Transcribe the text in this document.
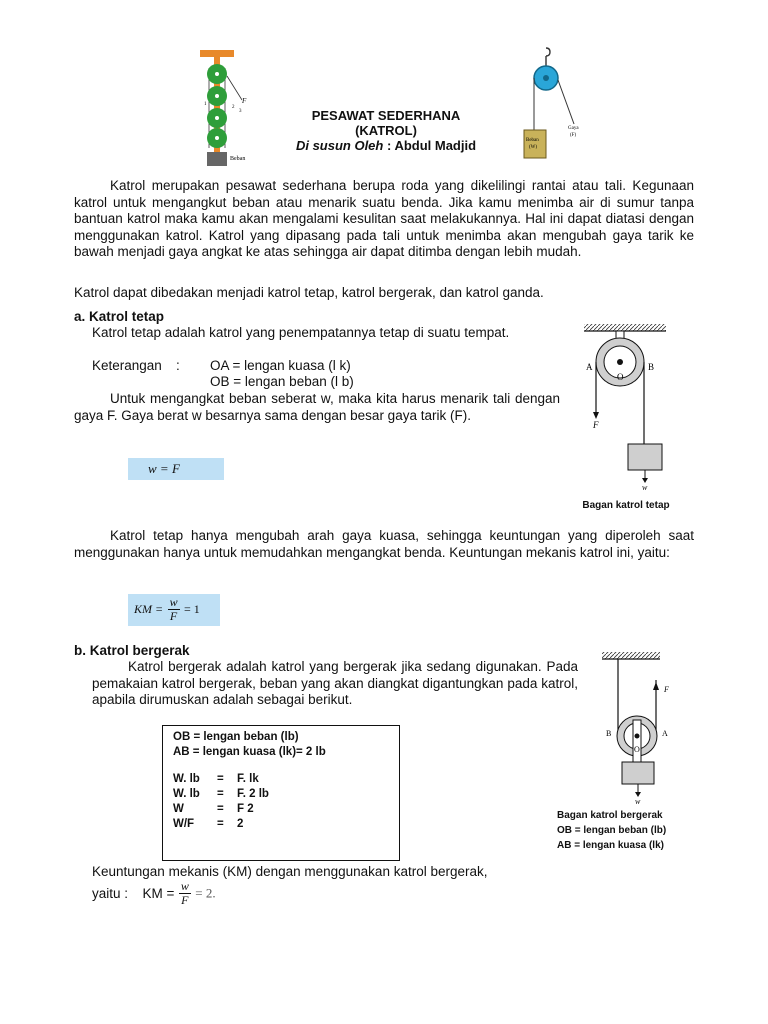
F
1
2
3
Beban
PESAWAT SEDERHANA
(KATROL)
Di susun Oleh : Abdul Madjid	Beban
(W)
Gaya
(F)
Katrol merupakan pesawat sederhana berupa roda yang dikelilingi rantai atau tali. Kegunaan katrol untuk mengangkut beban atau menarik suatu benda. Jika kamu menimba air di sumur tanpa bantuan katrol maka kamu akan mengalami kesulitan saat melakukannya. Hal ini dapat diatasi dengan menggunakan katrol. Katrol yang dipasang pada tali untuk menimba akan mengubah gaya tarik ke bawah menjadi gaya angkat ke atas sehingga air dapat ditimba dengan lebih mudah.
Katrol dapat dibedakan menjadi katrol tetap, katrol bergerak, dan katrol ganda.
a. Katrol tetap
Katrol tetap adalah katrol yang penempatannya tetap di suatu tempat.
Keterangan : OA = lengan kuasa (l k)
OB = lengan beban (l b)
Untuk mengangkat beban seberat w, maka kita harus menarik tali dengan gaya F. Gaya berat w besarnya sama dengan besar gaya tarik (F).
w = F
A	B
O
F
w
Bagan katrol tetap
Katrol tetap hanya mengubah arah gaya kuasa, sehingga keuntungan yang diperoleh saat menggunakan hanya untuk memudahkan mengangkat benda. Keuntungan mekanis katrol ini, yaitu:
KM = $\frac{w}{F} = 1$
b. Katrol bergerak
Katrol bergerak adalah katrol yang bergerak jika sedang digunakan. Pada pemakaian katrol bergerak, beban yang akan diangkat digantungkan pada katrol, apabila dirumuskan adalah sebagai berikut.
OB = lengan beban (lb)
AB = lengan kuasa (lk)= 2 lb
W. lb = F. lk
W. lb = F. 2 lb
W	= F 2
W/F = 2
B	A
O
F
w
Bagan katrol bergerak
OB = lengan beban (lb)
AB = lengan kuasa (lk)
Keuntungan mekanis (KM) dengan menggunakan katrol bergerak,
yaitu : KM = $\frac{w}{F} = 2$.
